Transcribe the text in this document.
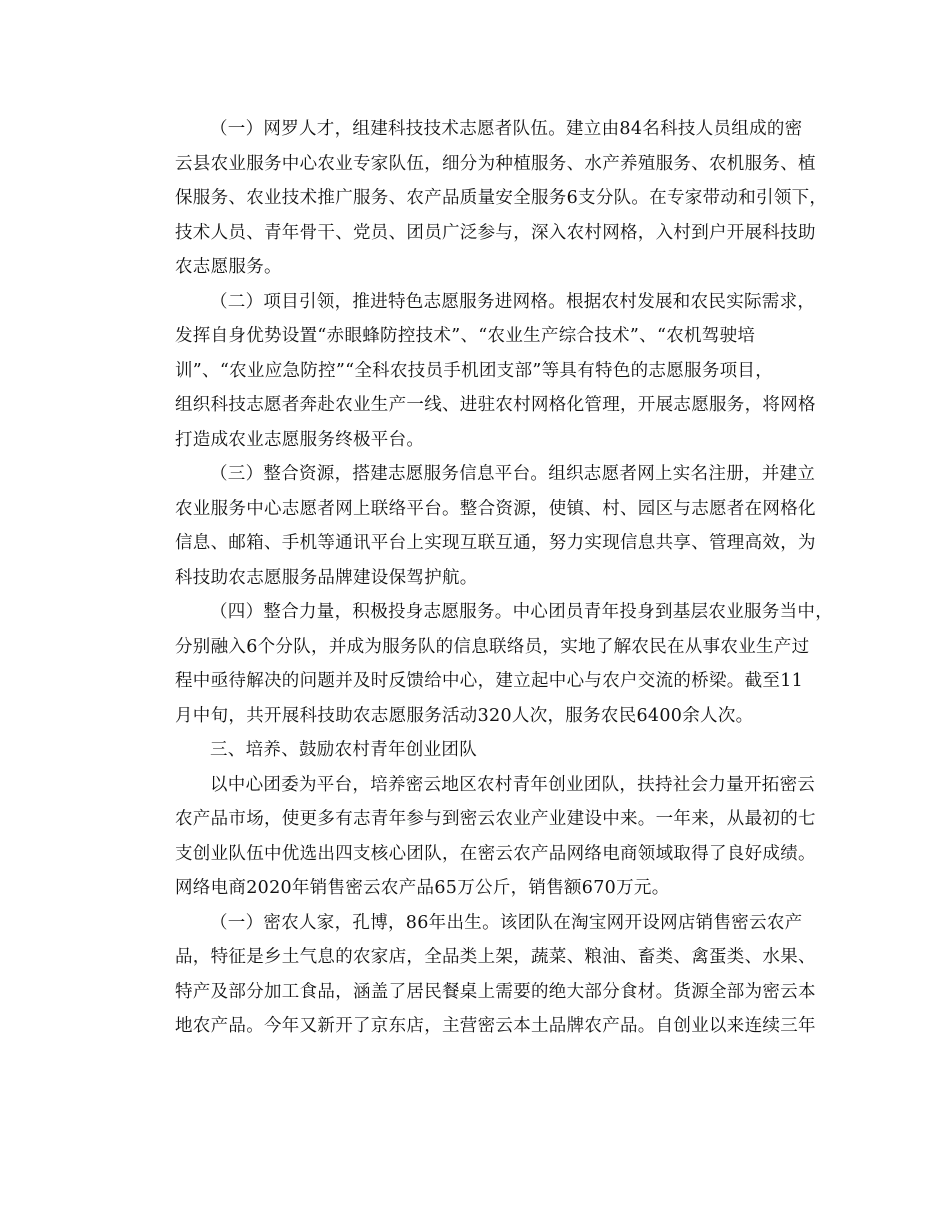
（一）网罗人才，组建科技技术志愿者队伍。建立由84名科技人员组成的密
云县农业服务中心农业专家队伍，细分为种植服务、水产养殖服务、农机服务、植
保服务、农业技术推广服务、农产品质量安全服务6支分队。在专家带动和引领下，
技术人员、青年骨干、党员、团员广泛参与，深入农村网格，入村到户开展科技助
农志愿服务。
（二）项目引领，推进特色志愿服务进网格。根据农村发展和农民实际需求，
发挥自身优势设置“赤眼蜂防控技术”、“农业生产综合技术”、“农机驾驶培
训”、“农业应急防控”“全科农技员手机团支部”等具有特色的志愿服务项目，
组织科技志愿者奔赴农业生产一线、进驻农村网格化管理，开展志愿服务，将网格
打造成农业志愿服务终极平台。
（三）整合资源，搭建志愿服务信息平台。组织志愿者网上实名注册，并建立
农业服务中心志愿者网上联络平台。整合资源，使镇、村、园区与志愿者在网格化
信息、邮箱、手机等通讯平台上实现互联互通，努力实现信息共享、管理高效，为
科技助农志愿服务品牌建设保驾护航。
（四）整合力量，积极投身志愿服务。中心团员青年投身到基层农业服务当中，
分别融入6个分队，并成为服务队的信息联络员，实地了解农民在从事农业生产过
程中亟待解决的问题并及时反馈给中心，建立起中心与农户交流的桥梁。截至11
月中旬，共开展科技助农志愿服务活动320人次，服务农民6400余人次。
三、培养、鼓励农村青年创业团队
以中心团委为平台，培养密云地区农村青年创业团队，扶持社会力量开拓密云
农产品市场，使更多有志青年参与到密云农业产业建设中来。一年来，从最初的七
支创业队伍中优选出四支核心团队，在密云农产品网络电商领域取得了良好成绩。
网络电商2020年销售密云农产品65万公斤，销售额670万元。
（一）密农人家，孔博，86年出生。该团队在淘宝网开设网店销售密云农产
品，特征是乡土气息的农家店，全品类上架，蔬菜、粮油、畜类、禽蛋类、水果、
特产及部分加工食品，涵盖了居民餐桌上需要的绝大部分食材。货源全部为密云本
地农产品。今年又新开了京东店，主营密云本土品牌农产品。自创业以来连续三年
